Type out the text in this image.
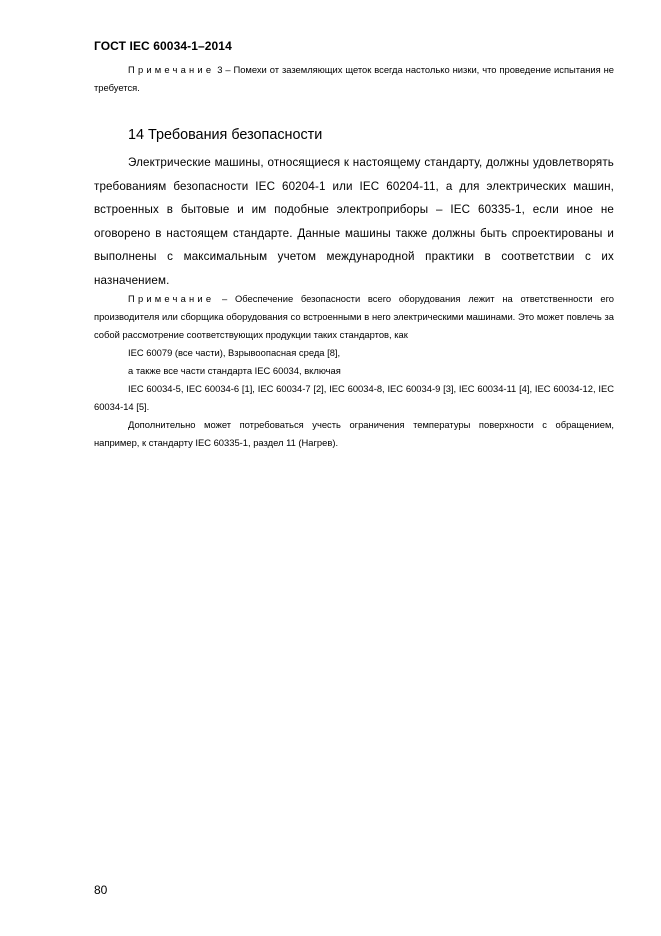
ГОСТ IEC 60034-1–2014

Примечание 3 – Помехи от заземляющих щеток всегда настолько низки, что проведение испытания не требуется.

14 Требования безопасности

Электрические машины, относящиеся к настоящему стандарту, должны удовлетворять требованиям безопасности IEC 60204-1 или IEC 60204-11, а для электрических машин, встроенных в бытовые и им подобные электроприборы – IEC 60335-1, если иное не оговорено в настоящем стандарте. Данные машины также должны быть спроектированы и выполнены с максимальным учетом международной практики в соответствии с их назначением.

Примечание – Обеспечение безопасности всего оборудования лежит на ответственности его производителя или сборщика оборудования со встроенными в него электрическими машинами. Это может повлечь за собой рассмотрение соответствующих продукции таких стандартов, как

IEC 60079 (все части), Взрывоопасная среда [8],

а также все части стандарта IEC 60034, включая

IEC 60034-5, IEC 60034-6 [1], IEC 60034-7 [2], IEC 60034-8, IEC 60034-9 [3], IEC 60034-11 [4], IEC 60034-12, IEC 60034-14 [5].

Дополнительно может потребоваться учесть ограничения температуры поверхности с обращением, например, к стандарту IEC 60335-1, раздел 11 (Нагрев).

80
